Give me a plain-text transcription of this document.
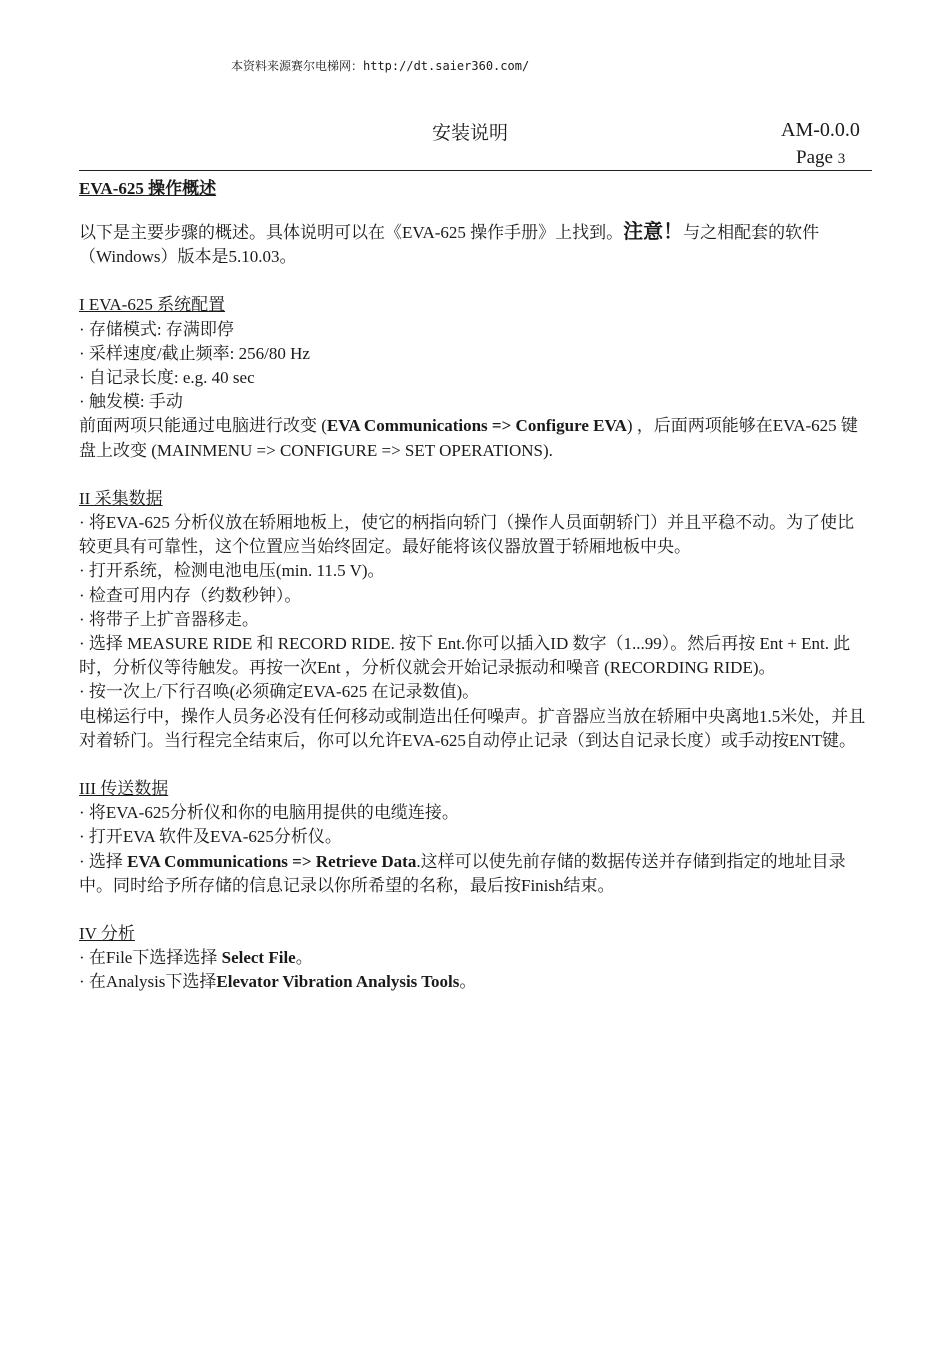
本资料来源赛尔电梯网：http://dt.saier360.com/
安装说明	AM-0.0.0
Page 3
EVA-625 操作概述

以下是主要步骤的概述。具体说明可以在《EVA-625 操作手册》上找到。注意！与之相配套的软件（Windows）版本是5.10.03。

I EVA-625 系统配置

· 存储模式: 存满即停

· 采样速度/截止频率: 256/80 Hz

· 自记录长度: e.g. 40 sec

· 触发模: 手动

前面两项只能通过电脑进行改变 (EVA Communications => Configure EVA) ，后面两项能够在EVA-625 键盘上改变 (MAINMENU => CONFIGURE => SET OPERATIONS).

II 采集数据

· 将EVA-625 分析仪放在轿厢地板上，使它的柄指向轿门（操作人员面朝轿门）并且平稳不动。为了使比较更具有可靠性，这个位置应当始终固定。最好能将该仪器放置于轿厢地板中央。

· 打开系统，检测电池电压(min. 11.5 V)。

· 检查可用内存（约数秒钟）。

· 将带子上扩音器移走。

· 选择 MEASURE RIDE 和 RECORD RIDE. 按下 Ent.你可以插入ID 数字（1...99）。然后再按 Ent + Ent. 此时，分析仪等待触发。再按一次Ent ，分析仪就会开始记录振动和噪音 (RECORDING RIDE)。

· 按一次上/下行召唤(必须确定EVA-625 在记录数值)。

电梯运行中，操作人员务必没有任何移动或制造出任何噪声。扩音器应当放在轿厢中央离地1.5米处，并且对着轿门。当行程完全结束后，你可以允许EVA-625自动停止记录（到达自记录长度）或手动按ENT键。

III 传送数据

· 将EVA-625分析仪和你的电脑用提供的电缆连接。

· 打开EVA 软件及EVA-625分析仪。

· 选择 EVA Communications => Retrieve Data.这样可以使先前存储的数据传送并存储到指定的地址目录中。同时给予所存储的信息记录以你所希望的名称，最后按Finish结束。

IV 分析

· 在File下选择选择 Select File。

· 在Analysis下选择Elevator Vibration Analysis Tools。
